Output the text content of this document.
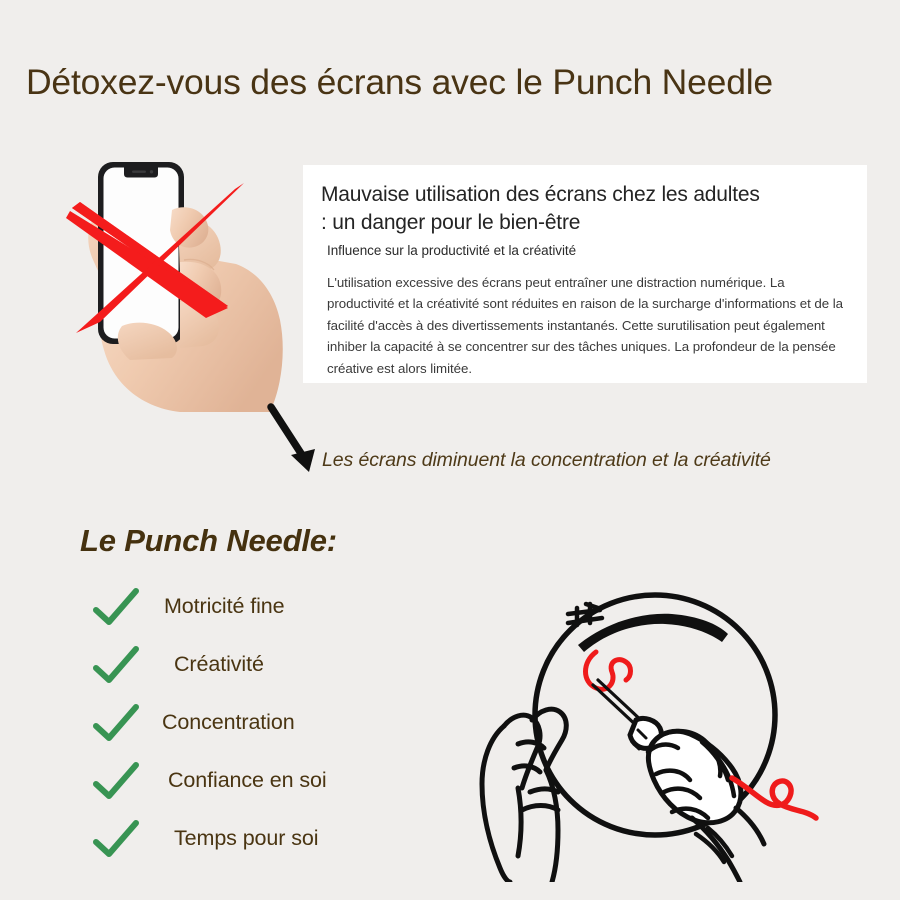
Détoxez-vous des écrans avec le Punch Needle
Mauvaise utilisation des écrans chez les adultes
: un danger pour le bien-être
Influence sur la productivité et la créativité
L'utilisation excessive des écrans peut entraîner une distraction numérique. La productivité et la créativité sont réduites en raison de la surcharge d'informations et de la facilité d'accès à des divertissements instantanés. Cette surutilisation peut également inhiber la capacité à se concentrer sur des tâches uniques. La profondeur de la pensée créative est alors limitée.
Les écrans diminuent la concentration et la créativité
Le Punch Needle:
Motricité fine
Créativité
Concentration
Confiance en soi
Temps pour soi
